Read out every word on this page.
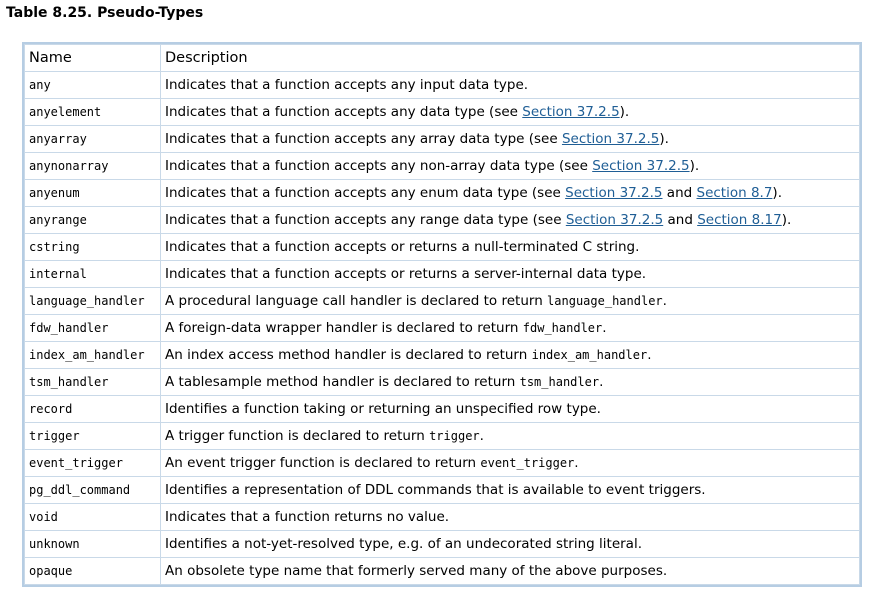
Table 8.25. Pseudo-Types
Name	Description
any	Indicates that a function accepts any input data type.
anyelement	Indicates that a function accepts any data type (see Section 37.2.5).
anyarray	Indicates that a function accepts any array data type (see Section 37.2.5).
anynonarray	Indicates that a function accepts any non-array data type (see Section 37.2.5).
anyenum	Indicates that a function accepts any enum data type (see Section 37.2.5 and Section 8.7).
anyrange	Indicates that a function accepts any range data type (see Section 37.2.5 and Section 8.17).
cstring	Indicates that a function accepts or returns a null-terminated C string.
internal	Indicates that a function accepts or returns a server-internal data type.
language_handler	A procedural language call handler is declared to return language_handler.
fdw_handler	A foreign-data wrapper handler is declared to return fdw_handler.
index_am_handler	An index access method handler is declared to return index_am_handler.
tsm_handler	A tablesample method handler is declared to return tsm_handler.
record	Identifies a function taking or returning an unspecified row type.
trigger	A trigger function is declared to return trigger.
event_trigger	An event trigger function is declared to return event_trigger.
pg_ddl_command	Identifies a representation of DDL commands that is available to event triggers.
void	Indicates that a function returns no value.
unknown	Identifies a not-yet-resolved type, e.g. of an undecorated string literal.
opaque	An obsolete type name that formerly served many of the above purposes.
